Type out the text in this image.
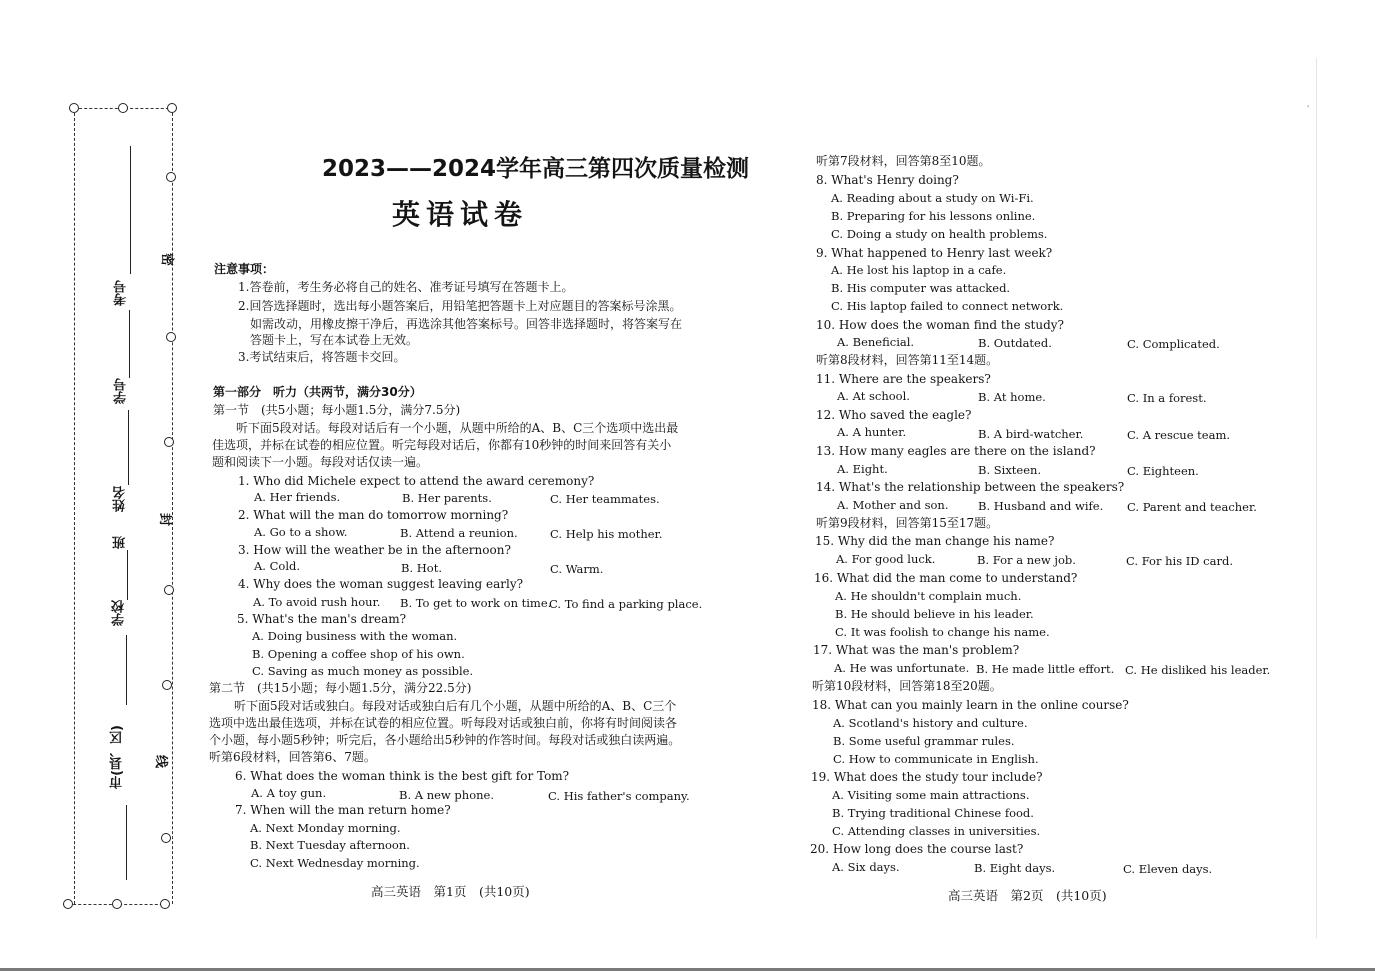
考号
学号
姓名
班
学校
市(县、区)
密
封
线
2023——2024学年高三第四次质量检测
英语试卷
注意事项：
1.答卷前，考生务必将自己的姓名、准考证号填写在答题卡上。
2.回答选择题时，选出每小题答案后，用铅笔把答题卡上对应题目的答案标号涂黑。
如需改动，用橡皮擦干净后，再选涂其他答案标号。回答非选择题时，将答案写在
答题卡上，写在本试卷上无效。
3.考试结束后，将答题卡交回。
第一部分　听力（共两节，满分30分）
第一节　(共5小题；每小题1.5分，满分7.5分)
听下面5段对话。每段对话后有一个小题，从题中所给的A、B、C三个选项中选出最
佳选项，并标在试卷的相应位置。听完每段对话后，你都有10秒钟的时间来回答有关小
题和阅读下一小题。每段对话仅读一遍。
1. Who did Michele expect to attend the award ceremony?
A. Her friends.	B. Her parents.	C. Her teammates.
2. What will the man do tomorrow morning?
A. Go to a show.	B. Attend a reunion.	C. Help his mother.
3. How will the weather be in the afternoon?
A. Cold.	B. Hot.	C. Warm.
4. Why does the woman suggest leaving early?
A. To avoid rush hour. B. To get to work on time.
C. To find a parking place.
5. What's the man's dream?
A. Doing business with the woman.
B. Opening a coffee shop of his own.
C. Saving as much money as possible.
第二节　(共15小题；每小题1.5分，满分22.5分)
听下面5段对话或独白。每段对话或独白后有几个小题，从题中所给的A、B、C三个
选项中选出最佳选项，并标在试卷的相应位置。听每段对话或独白前，你将有时间阅读各
个小题，每小题5秒钟；听完后，各小题给出5秒钟的作答时间。每段对话或独白读两遍。
听第6段材料，回答第6、7题。
6. What does the woman think is the best gift for Tom?
A. A toy gun.	B. A new phone.	C. His father's company.
7. When will the man return home?
A. Next Monday morning.
B. Next Tuesday afternoon.
C. Next Wednesday morning.
高三英语　第1页　(共10页)
听第7段材料，回答第8至10题。
8. What's Henry doing?
A. Reading about a study on Wi-Fi.
B. Preparing for his lessons online.
C. Doing a study on health problems.
9. What happened to Henry last week?
A. He lost his laptop in a cafe.
B. His computer was attacked.
C. His laptop failed to connect network.
10. How does the woman find the study?
A. Beneficial.	B. Outdated.	C. Complicated.
听第8段材料，回答第11至14题。
11. Where are the speakers?
A. At school.	B. At home.	C. In a forest.
12. Who saved the eagle?
A. A hunter.	B. A bird-watcher.	C. A rescue team.
13. How many eagles are there on the island?
A. Eight.	B. Sixteen.	C. Eighteen.
14. What's the relationship between the speakers?
A. Mother and son.	B. Husband and wife. C. Parent and teacher.
听第9段材料，回答第15至17题。
15. Why did the man change his name?
A. For good luck.	B. For a new job.	C. For his ID card.
16. What did the man come to understand?
A. He shouldn't complain much.
B. He should believe in his leader.
C. It was foolish to change his name.
17. What was the man's problem?
A. He was unfortunate. B. He made little effort. C. He disliked his leader.
听第10段材料，回答第18至20题。
18. What can you mainly learn in the online course?
A. Scotland's history and culture.
B. Some useful grammar rules.
C. How to communicate in English.
19. What does the study tour include?
A. Visiting some main attractions.
B. Trying traditional Chinese food.
C. Attending classes in universities.
20. How long does the course last?
A. Six days.	B. Eight days.	C. Eleven days.
高三英语　第2页　(共10页)
'
